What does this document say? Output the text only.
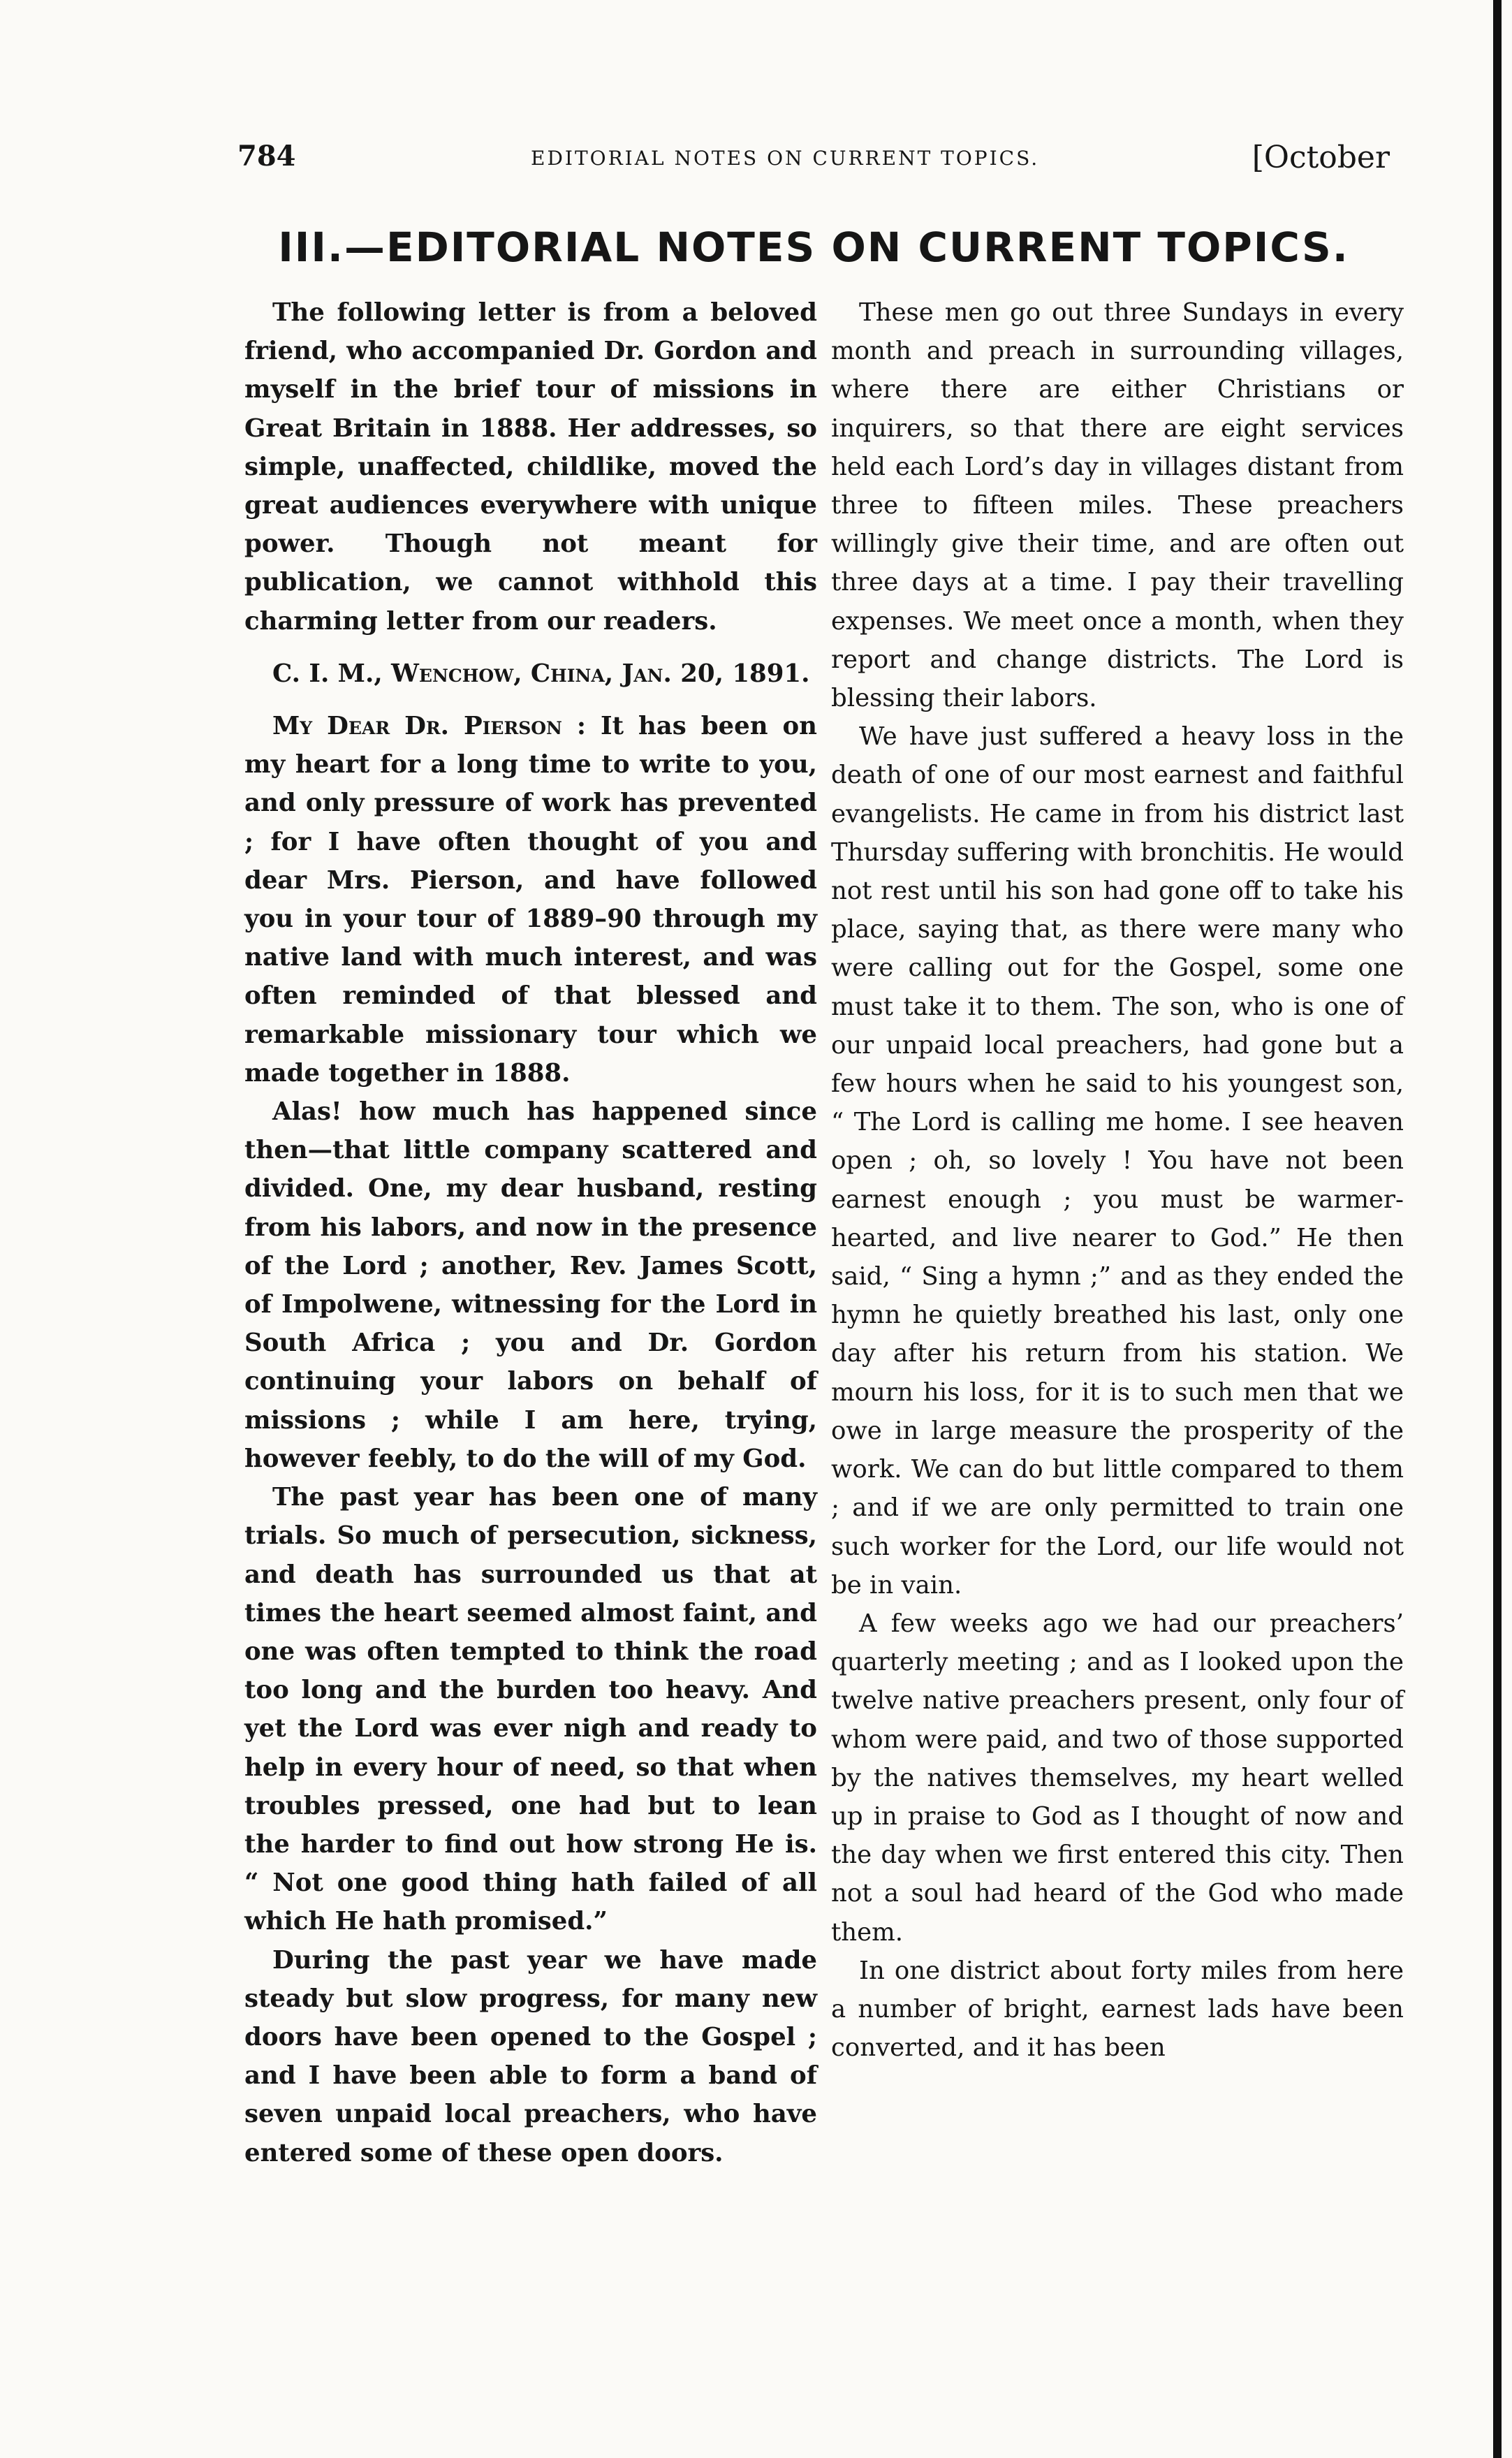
784	EDITORIAL NOTES ON CURRENT TOPICS.	[October
III.—EDITORIAL NOTES ON CURRENT TOPICS.

The following letter is from a beloved friend, who accompanied Dr. Gordon and myself in the brief tour of missions in Great Britain in 1888. Her addresses, so simple, unaffected, childlike, moved the great audiences everywhere with unique power. Though not meant for publication, we cannot withhold this charming letter from our readers.

C. I. M., Wenchow, China, Jan. 20, 1891.

My Dear Dr. Pierson : It has been on my heart for a long time to write to you, and only pressure of work has prevented ; for I have often thought of you and dear Mrs. Pierson, and have followed you in your tour of 1889–90 through my native land with much interest, and was often reminded of that blessed and remarkable missionary tour which we made together in 1888.

Alas! how much has happened since then—that little company scattered and divided. One, my dear husband, resting from his labors, and now in the presence of the Lord ; another, Rev. James Scott, of Impolwene, witnessing for the Lord in South Africa ; you and Dr. Gordon continuing your labors on behalf of missions ; while I am here, trying, however feebly, to do the will of my God.

The past year has been one of many trials. So much of persecution, sickness, and death has surrounded us that at times the heart seemed almost faint, and one was often tempted to think the road too long and the burden too heavy. And yet the Lord was ever nigh and ready to help in every hour of need, so that when troubles pressed, one had but to lean the harder to find out how strong He is. “ Not one good thing hath failed of all which He hath promised.”

During the past year we have made steady but slow progress, for many new doors have been opened to the Gospel ; and I have been able to form a band of seven unpaid local preachers, who have entered some of these open doors.

These men go out three Sundays in every month and preach in surrounding villages, where there are either Christians or inquirers, so that there are eight services held each Lord’s day in villages distant from three to fifteen miles. These preachers willingly give their time, and are often out three days at a time. I pay their travelling expenses. We meet once a month, when they report and change districts. The Lord is blessing their labors.

We have just suffered a heavy loss in the death of one of our most earnest and faithful evangelists. He came in from his district last Thursday suffering with bronchitis. He would not rest until his son had gone off to take his place, saying that, as there were many who were calling out for the Gospel, some one must take it to them. The son, who is one of our unpaid local preachers, had gone but a few hours when he said to his youngest son, “ The Lord is calling me home. I see heaven open ; oh, so lovely ! You have not been earnest enough ; you must be warmer-hearted, and live nearer to God.” He then said, “ Sing a hymn ;” and as they ended the hymn he quietly breathed his last, only one day after his return from his station. We mourn his loss, for it is to such men that we owe in large measure the prosperity of the work. We can do but little compared to them ; and if we are only permitted to train one such worker for the Lord, our life would not be in vain.

A few weeks ago we had our preachers’ quarterly meeting ; and as I looked upon the twelve native preachers present, only four of whom were paid, and two of those supported by the natives themselves, my heart welled up in praise to God as I thought of now and the day when we first entered this city. Then not a soul had heard of the God who made them.

In one district about forty miles from here a number of bright, earnest lads have been converted, and it has been
